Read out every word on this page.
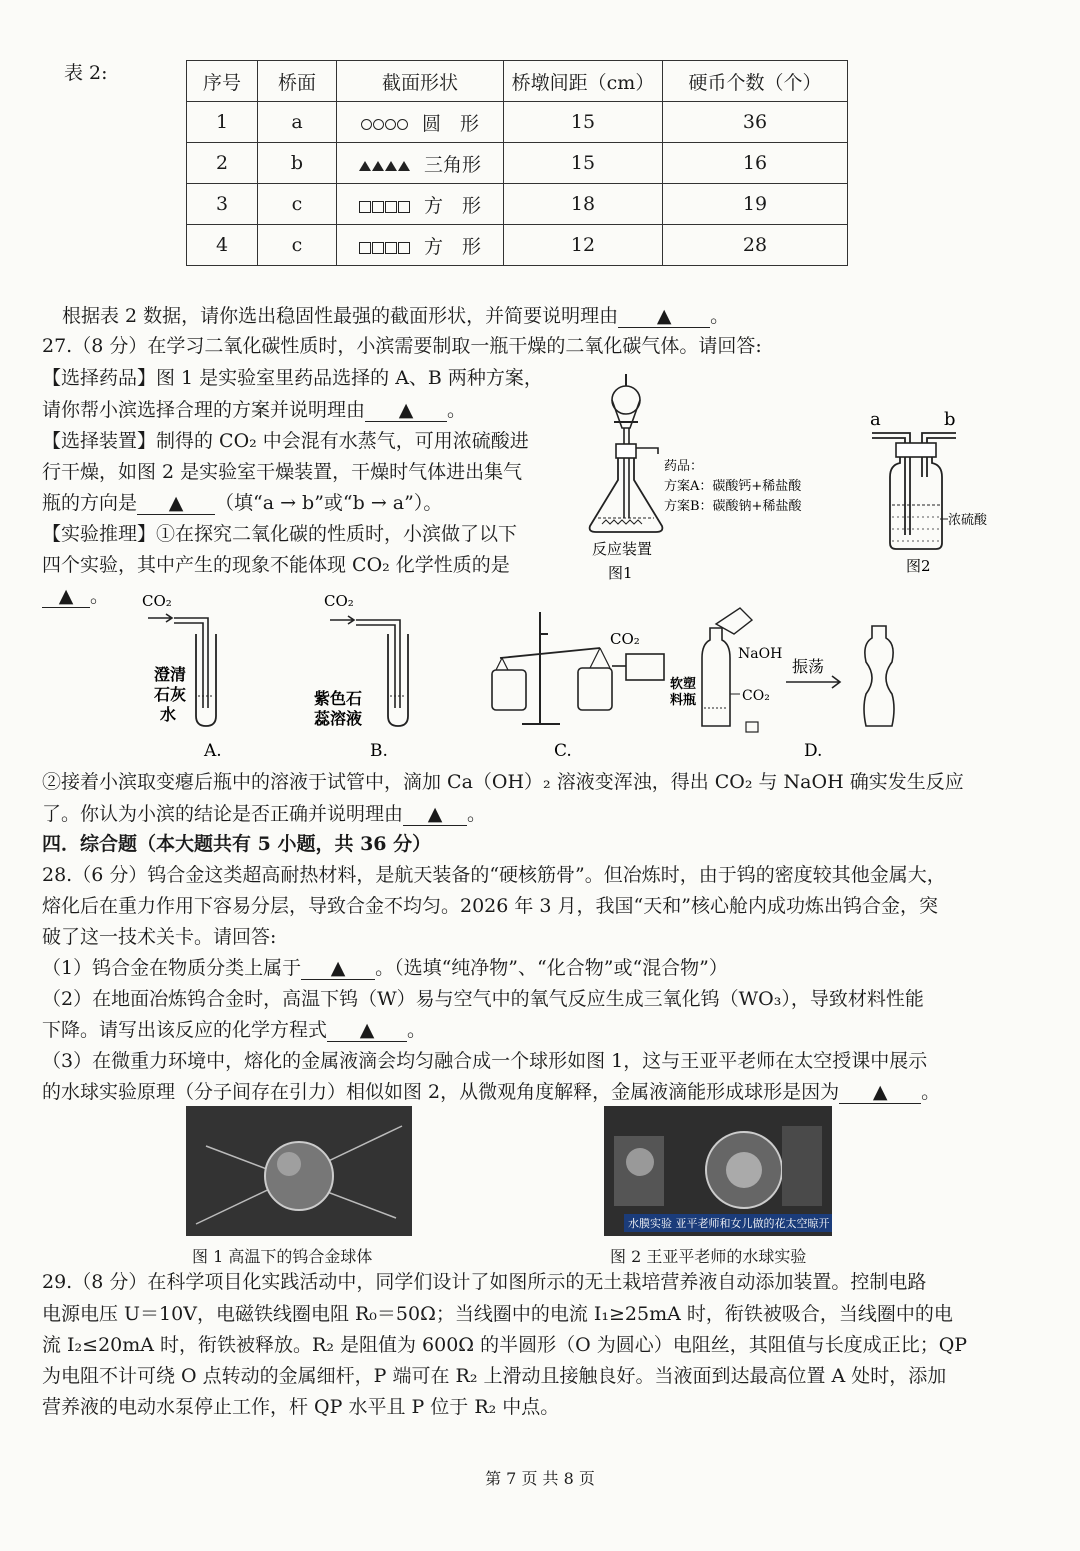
表 2:	序号	桥面	截面形状	桥墩间距（cm）	硬币个数（个）
1	a	圆　形	15	36
2	b	三角形	15	16
3	c	方　形	18	19
4	c	方　形	12	28
根据表 2 数据，请你选出稳固性最强的截面形状，并简要说明理由 ▲ 。
27.（8 分）在学习二氧化碳性质时，小滨需要制取一瓶干燥的二氧化碳气体。请回答:
【选择药品】图 1 是实验室里药品选择的 A、B 两种方案，
请你帮小滨选择合理的方案并说明理由 ▲ 。
【选择装置】制得的 CO₂ 中会混有水蒸气，可用浓硫酸进
行干燥，如图 2 是实验室干燥装置，干燥时气体进出集气
瓶的方向是 ▲ （填“a → b”或“b → a”）。
【实验推理】①在探究二氧化碳的性质时，小滨做了以下
四个实验，其中产生的现象不能体现 CO₂ 化学性质的是
▲ 。
反应装置
图1
药品：
方案A：碳酸钙+稀盐酸
方案B：碳酸钠+稀盐酸
a	b
浓硫酸
图2
CO₂
澄清
石灰
水
A.
CO₂
紫色石
蕊溶液
B.
CO₂
C.
NaOH
CO₂
软塑
料瓶
振荡
D.
②接着小滨取变瘪后瓶中的溶液于试管中，滴加 Ca（OH）₂ 溶液变浑浊，得出 CO₂ 与 NaOH 确实发生反应
了。你认为小滨的结论是否正确并说明理由 ▲ 。
四．综合题（本大题共有 5 小题，共 36 分）
28.（6 分）钨合金这类超高耐热材料，是航天装备的“硬核筋骨”。但冶炼时，由于钨的密度较其他金属大，
熔化后在重力作用下容易分层，导致合金不均匀。2026 年 3 月，我国“天和”核心舱内成功炼出钨合金，突
破了这一技术关卡。请回答:
（1）钨合金在物质分类上属于 ▲ 。（选填“纯净物”、“化合物”或“混合物”）
（2）在地面冶炼钨合金时，高温下钨（W）易与空气中的氧气反应生成三氧化钨（WO₃），导致材料性能
下降。请写出该反应的化学方程式 ▲ 。
（3）在微重力环境中，熔化的金属液滴会均匀融合成一个球形如图 1，这与王亚平老师在太空授课中展示
的水球实验原理（分子间存在引力）相似如图 2，从微观角度解释，金属液滴能形成球形是因为 ▲ 。
图 1 高温下的钨合金球体
水膜实验 亚平老师和女儿做的花太空晾开
图 2 王亚平老师的水球实验
29.（8 分）在科学项目化实践活动中，同学们设计了如图所示的无土栽培营养液自动添加装置。控制电路
电源电压 U＝10V，电磁铁线圈电阻 R₀＝50Ω；当线圈中的电流 I₁≥25mA 时，衔铁被吸合，当线圈中的电
流 I₂≤20mA 时，衔铁被释放。R₂ 是阻值为 600Ω 的半圆形（O 为圆心）电阻丝，其阻值与长度成正比；QP
为电阻不计可绕 O 点转动的金属细杆，P 端可在 R₂ 上滑动且接触良好。当液面到达最高位置 A 处时，添加
营养液的电动水泵停止工作，杆 QP 水平且 P 位于 R₂ 中点。
第 7 页 共 8 页
